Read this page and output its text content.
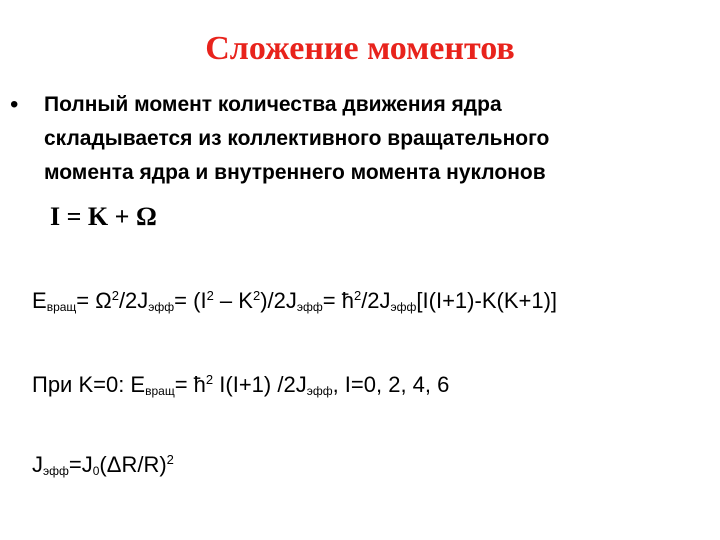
Сложение моментов
• Полный момент количества движения ядра
складывается из коллективного вращательного
момента ядра и внутреннего момента нуклонов
I = K + Ω
$E_{вращ}= \Omega^2/2J_{эфф}= (I^2 - K^2)/2J_{эфф}=$ $ħ^2/2J_{эфф}[I(I+1)-K(K+1)]$
При K=0: $E_{вращ}=$ $ħ^2$ I(I+1) $/2J_{эфф}$, I=0, 2, 4, 6
$J_{эфф}=J_0(\Delta R/R)^2$
